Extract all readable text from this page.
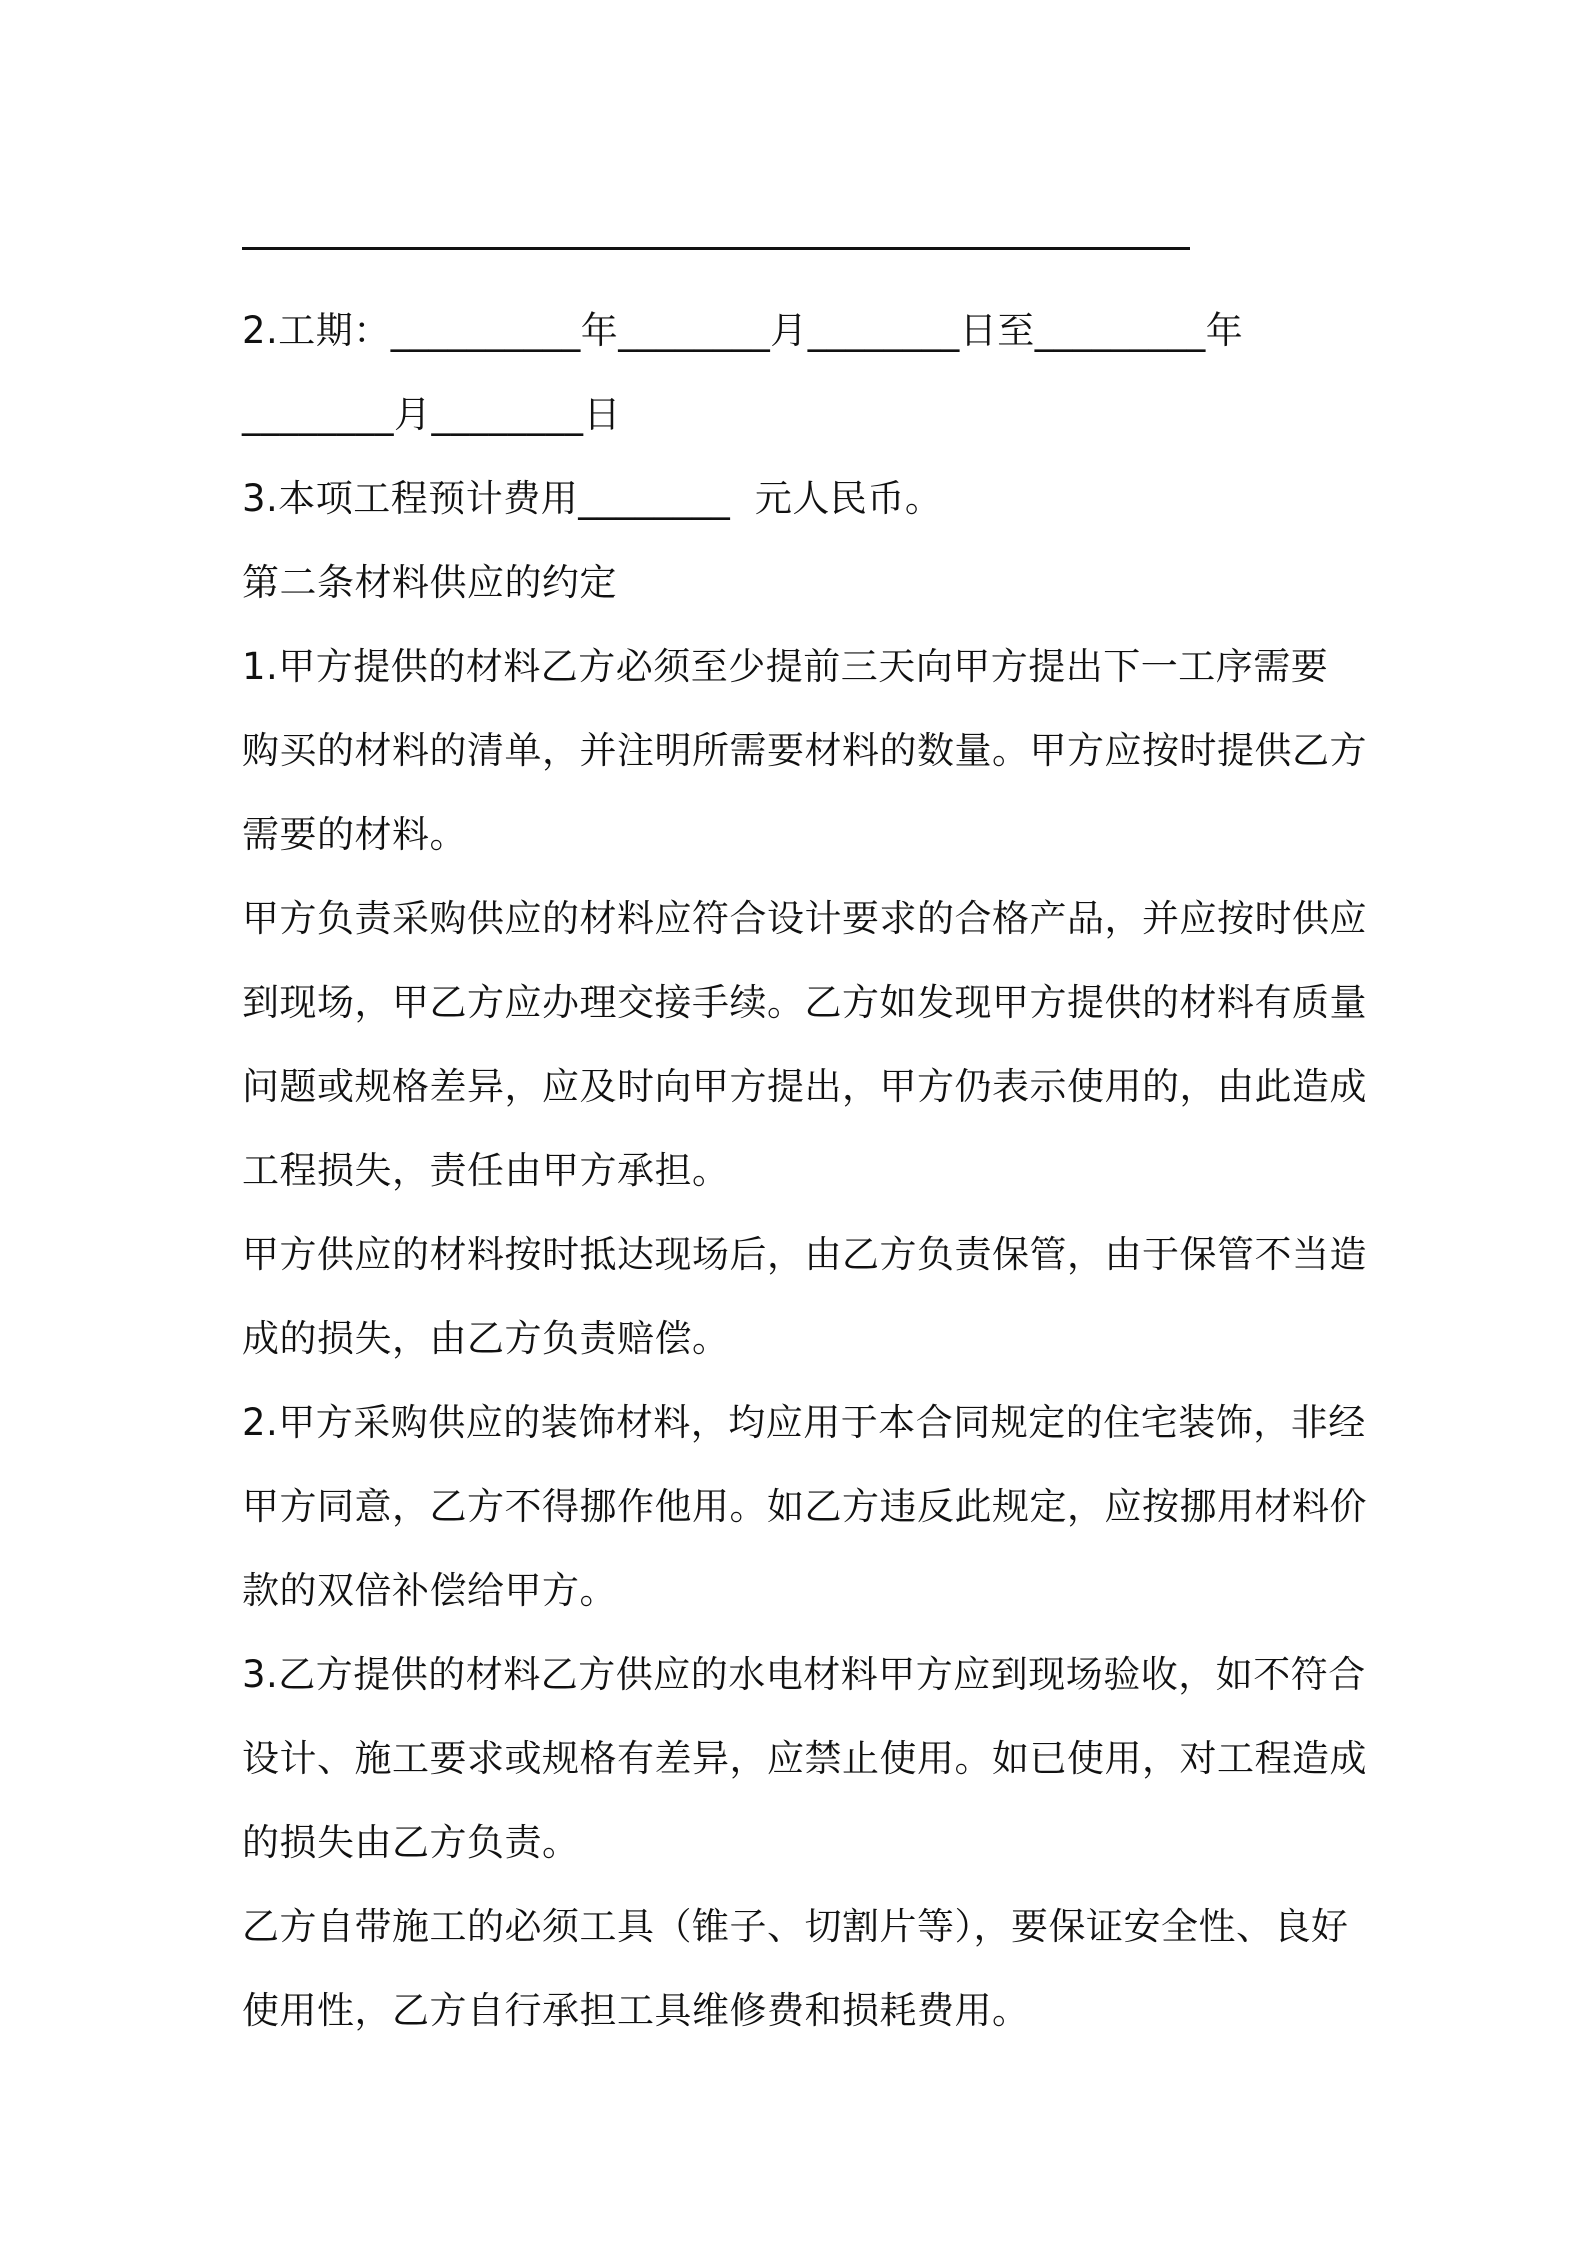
2.工期：__________年________月________日至_________年
________月________日
3.本项工程预计费用________  元人民币。
第二条材料供应的约定
1.甲方提供的材料乙方必须至少提前三天向甲方提出下一工序需要
购买的材料的清单，并注明所需要材料的数量。甲方应按时提供乙方
需要的材料。
甲方负责采购供应的材料应符合设计要求的合格产品，并应按时供应
到现场，甲乙方应办理交接手续。乙方如发现甲方提供的材料有质量
问题或规格差异，应及时向甲方提出，甲方仍表示使用的，由此造成
工程损失，责任由甲方承担。
甲方供应的材料按时抵达现场后，由乙方负责保管，由于保管不当造
成的损失，由乙方负责赔偿。
2.甲方采购供应的装饰材料，均应用于本合同规定的住宅装饰，非经
甲方同意，乙方不得挪作他用。如乙方违反此规定，应按挪用材料价
款的双倍补偿给甲方。
3.乙方提供的材料乙方供应的水电材料甲方应到现场验收，如不符合
设计、施工要求或规格有差异，应禁止使用。如已使用，对工程造成
的损失由乙方负责。
乙方自带施工的必须工具（锥子、切割片等），要保证安全性、良好
使用性，乙方自行承担工具维修费和损耗费用。
